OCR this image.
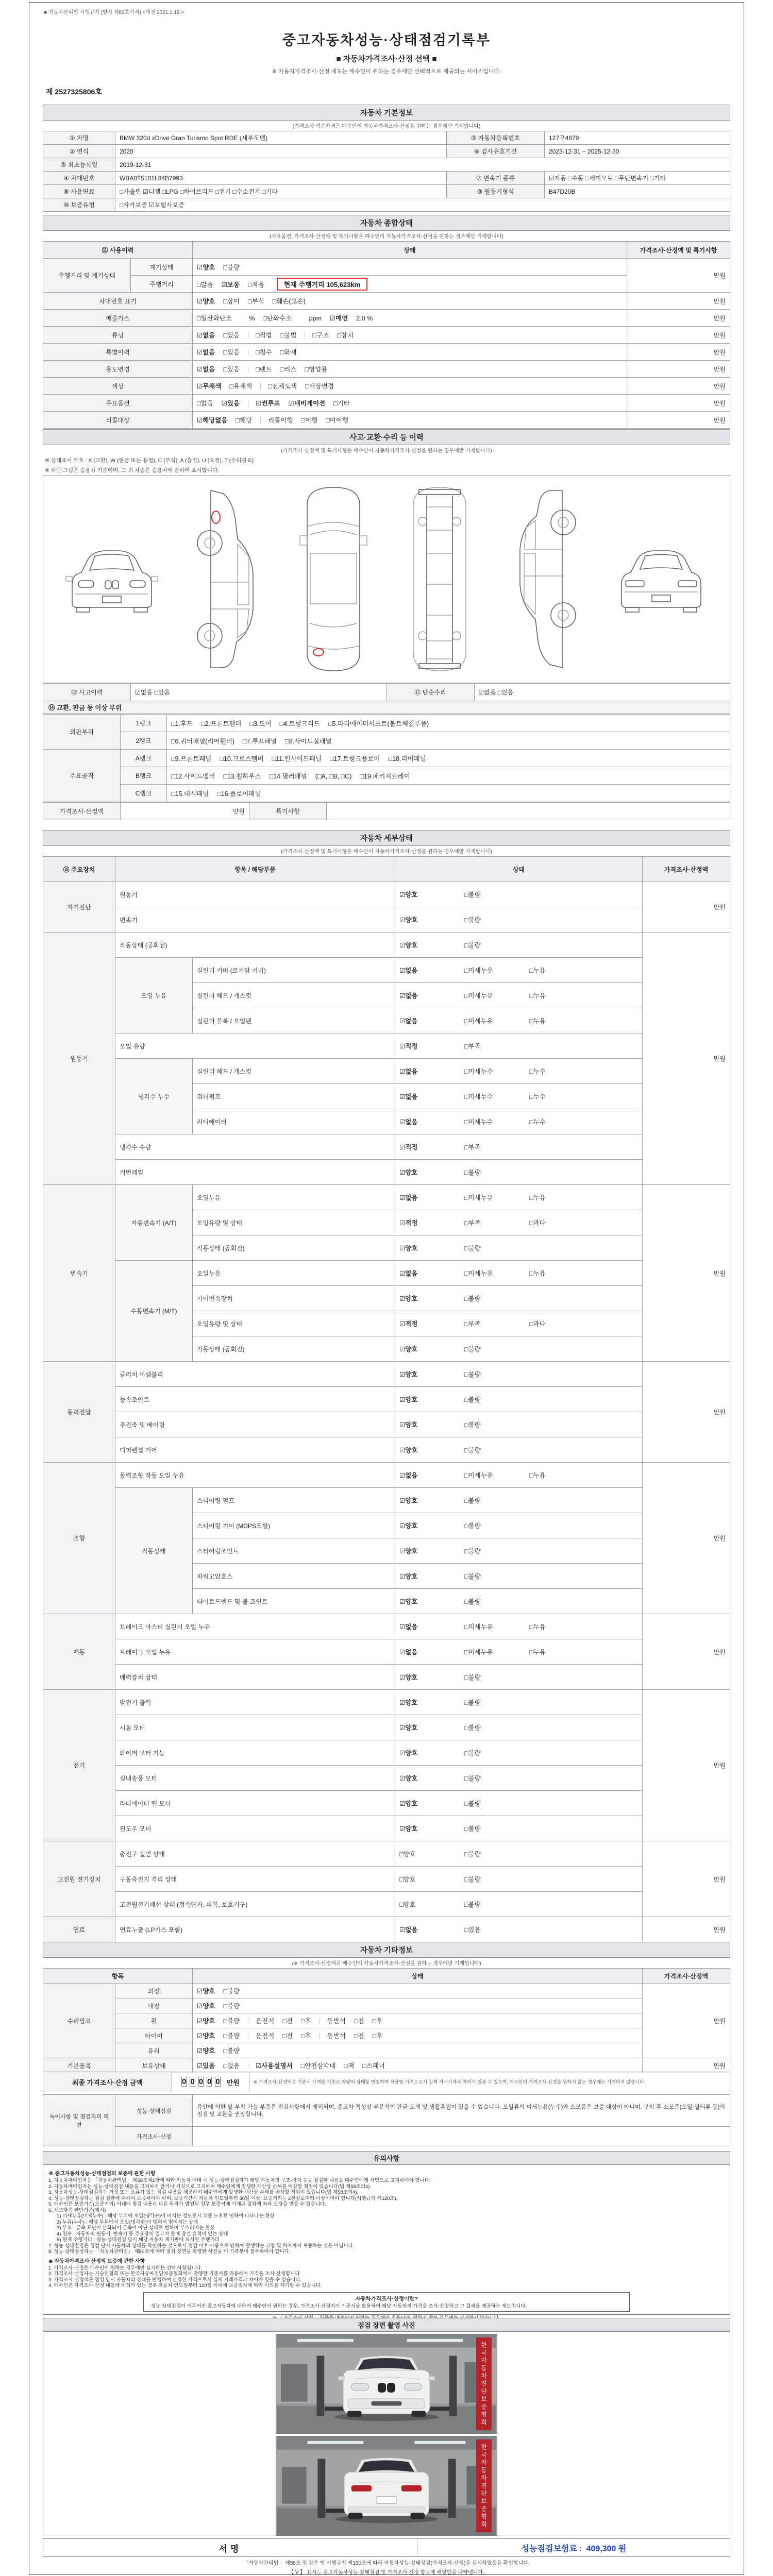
■ 자동차관리법 시행규칙 [별지 제82호서식] <개정 2021.1.19.>
중고자동차성능·상태점검기록부
■ 자동차가격조사·산정 선택 ■
※ 자동차가격조사·산정 제도는 매수인이 원하는 경우에만 선택적으로 제공되는 서비스입니다.
제 2527325806호
자동차 기본정보
(가격조사 기준가격은 매수인이 자동차가격조사·산정을 원하는 경우에만 기재합니다)
① 차명	BMW 320d xDrive Gran Turismo Spot RDE (세부모델)	⑤ 자동차등록번호	127구4879
② 연식	2020	⑥ 검사유효기간	2023-12-31 ~ 2025-12-30
③ 최초등록일	2019-12-31		
④ 차대번호	WBA8T5101L84B7993	⑦ 변속기 종류	☑자동 □수동 □세미오토 □무단변속기 □기타
⑧ 사용연료	□가솔린 ☑디젤 □LPG □하이브리드 □전기 □수소전기 □기타	⑨ 원동기형식	B47D20B
⑩ 보증유형	□자가보증 ☑보험사보증		
자동차 종합상태
(주요옵션, 가격조사·산정액 및 특기사항은 매수인이 자동차가격조사·산정을 원하는 경우에만 기재합니다)
⑪ 사용이력		상태	가격조사·산정액 및 특기사항
주행거리 및 계기상태	계기상태	☑양호 □불량	만원
	주행거리	□많음 ☑보통 □적음 현재 주행거리 105,623km	
차대번호 표기		☑양호 □상이 □부식 □훼손(오손)	만원
배출가스		□일산화탄소     % □탄화수소     ppm ☑매연 2.0 %	만원
튜닝		☑없음 □있음 □적법 □불법 □구조 □장치	만원
특별이력		☑없음 □있음 □침수 □화재	만원
용도변경		☑없음 □있음 □렌트 □리스 □영업용	만원
색상		☑무채색 □유채색 □전체도색 □색상변경	만원
주요옵션		□없음 ☑있음 ☑썬루프 ☑네비게이션 □기타	만원
리콜대상		☑해당없음 □해당 리콜이행 □이행 □미이행	만원
사고·교환·수리 등 이력
(가격조사·산정액 및 특기사항은 매수인이 자동차가격조사·산정을 원하는 경우에만 기재합니다)
※ 상태표시 부호 : X (교환), W (판금 또는 용접), C (부식), A (흠집), U (요철), T (수리필요)
※ 하단 그림은 승용차 기준이며, 그 외 차종은 승용차에 준하여 표시합니다.
⑫ 사고이력	☑없음 □있음	⑬ 단순수리	☑없음 □있음
⑭ 교환, 판금 등 이상 부위
외판부위	1랭크	□1.후드 □2.프론트휀더 □3.도어 □4.트렁크리드 □5.라디에이터서포트(볼트체결부품)
	2랭크	□6.쿼터패널(리어휀더) □7.루프패널 □8.사이드실패널
주요골격	A랭크	□9.프론트패널 □10.크로스멤버 □11.인사이드패널 □17.트렁크플로어 □18.리어패널
	B랭크	□12.사이드멤버 □13.휠하우스 □14.필러패널 (□A, □B, □C) □19.패키지트레이
	C랭크	□15.대시패널 □16.플로어패널
가격조사·산정액	만원	특기사항	
자동차 세부상태
(가격조사·산정액 및 특기사항은 매수인이 자동차가격조사·산정을 원하는 경우에만 기재합니다)
⑮ 주요장치	항목 / 해당부품		상태	가격조사·산정액
자기진단	원동기		☑양호 □불량	만원
	변속기		☑양호 □불량	
원동기	작동상태 (공회전)		☑양호 □불량	만원
	오일 누유	실린더 커버 (로커암 커버)	☑없음 □미세누유 □누유	
		실린더 헤드 / 개스킷	☑없음 □미세누유 □누유	
		실린더 블록 / 오일팬	☑없음 □미세누유 □누유	
	오일 유량		☑적정 □부족	
	냉각수 누수	실린더 헤드 / 개스킷	☑없음 □미세누수 □누수	
		워터펌프	☑없음 □미세누수 □누수	
		라디에이터	☑없음 □미세누수 □누수	
	냉각수 수량		☑적정 □부족	
	커먼레일		☑양호 □불량	
변속기	자동변속기 (A/T)	오일누유	☑없음 □미세누유 □누유	만원
		오일유량 및 상태	☑적정 □부족 □과다	
		작동상태 (공회전)	☑양호 □불량	
	수동변속기 (M/T)	오일누유	☑없음 □미세누유 □누유	
		기어변속장치	☑양호 □불량	
		오일유량 및 상태	☑적정 □부족 □과다	
		작동상태 (공회전)	☑양호 □불량	
동력전달	클러치 어셈블리		☑양호 □불량	만원
	등속조인트		☑양호 □불량	
	추진축 및 베어링		☑양호 □불량	
	디퍼렌셜 기어		☑양호 □불량	
조향	동력조향 작동 오일 누유		☑없음 □미세누유 □누유	만원
	작동상태	스티어링 펌프	☑양호 □불량	
		스티어링 기어 (MDPS포함)	☑양호 □불량	
		스티어링조인트	☑양호 □불량	
		파워고압호스	☑양호 □불량	
		타이로드엔드 및 볼 조인트	☑양호 □불량	
제동	브레이크 마스터 실린더 오일 누유		☑없음 □미세누유 □누유	만원
	브레이크 오일 누유		☑없음 □미세누유 □누유	
	배력장치 상태		☑양호 □불량	
전기	발전기 출력		☑양호 □불량	만원
	시동 모터		☑양호 □불량	
	와이퍼 모터 기능		☑양호 □불량	
	실내송풍 모터		☑양호 □불량	
	라디에이터 팬 모터		☑양호 □불량	
	윈도우 모터		☑양호 □불량	
고전원 전기장치	충전구 절연 상태		□양호 □불량	만원
	구동축전지 격리 상태		□양호 □불량	
	고전원전기배선 상태 (접속단자, 피복, 보호기구)		□양호 □불량	
연료	연료누출 (LP가스 포함)		☑없음 □있음	만원
자동차 기타정보
(※ 가격조사·산정액은 매수인이 자동차가격조사·산정을 원하는 경우에만 기재합니다)
항목		상태	가격조사·산정액
수리필요	외장	☑양호 □불량	만원
	내장	☑양호 □불량	
	휠	☑양호 □불량 운전석 □전 □후 동반석 □전 □후	
	타이어	☑양호 □불량 운전석 □전 □후 동반석 □전 □후	
	유리	☑양호 □불량	
기본품목	보유상태	☑있음 □없음 ☑사용설명서 □안전삼각대 □잭 □스패너	만원
최종 가격조사·산정 금액	0 0 0 0 0	만원	※ 가격조사·산정액은 기준서 가격을 기초로 차량의 상태를 반영하여 산출한 가격으로서 실제 거래가격과 차이가 있을 수 있으며, 매수인이 가격조사·산정을 원하지 않는 경우에는 기재하지 않습니다.
특이사항 및 점검자의 의견	성능·상태점검	육안에 의한 탈·부착 가능 부품은 점검사항에서 제외되며, 중고차 특성상 부분적인 판금·도색 및 생활흠집이 있을 수 있습니다. 오일류의 미세누유(누수)와 소모품은 보증 대상이 아니며, 구입 후 소모품(오일·필터류 등)의 점검 및 교환을 권장합니다.
	가격조사·산정	
유의사항
※ 중고자동차성능·상태점검의 보증에 관한 사항
1. 자동차매매업자는 「자동차관리법」 제58조제1항에 따라 자동차 매매 시 성능·상태점검자가 해당 자동차의 구조·장치 등을 점검한 내용을 매수인에게 서면으로 고지하여야 합니다.
2. 자동차매매업자는 성능·상태점검 내용을 고지하지 않거나 거짓으로 고지하여 매수인에게 발생한 재산상 손해를 배상할 책임이 있습니다(법 제58조의4).
3. 자동차성능·상태점검자는 거짓 또는 오류가 있는 점검 내용을 제공하여 매수인에게 발생한 재산상 손해를 배상할 책임이 있습니다(법 제58조의4).
4. 성능·상태점검자는 점검 결과에 대하여 보증하여야 하며, 보증기간은 자동차 인도일부터 30일 이상, 보증거리는 2천킬로미터 이상이어야 합니다(시행규칙 제120조).
5. 매수인은 보증기간(보증거리) 이내에 점검 내용과 다른 하자가 발견된 경우 보증서에 기재된 절차에 따라 보상을 받을 수 있습니다.
6. 체크항목 판단기준(예시)
1) 미세누유(미세누수) : 해당 부위에 오일(냉각수)이 비치는 정도로서 부품 노후로 인하여 나타나는 현상
2) 누유(누수) : 해당 부위에서 오일(냉각수)이 맺혀서 떨어지는 상태
3) 부식 : 금속 표면이 산화되어 금속이 아닌 상태로 변하여 부스러지는 현상
4) 침수 : 자동차의 원동기, 변속기 등 주요장치 일부가 물에 잠긴 흔적이 있는 상태
5) 현재 주행거리 : 성능·상태점검 당시 해당 자동차 계기판에 표시된 주행거리
7. 성능·상태점검은 점검 당시 자동차의 상태를 확인하는 것으로서 점검 이후 사용으로 인하여 발생하는 고장 및 하자까지 보증하는 것은 아닙니다.
8. 성능·상태점검자는 「자동차관리법」 제80조에 따라 점검 장면을 촬영한 사진을 이 기록부에 첨부하여야 합니다.
◉ 자동차가격조사·산정의 보증에 관한 사항
1. 가격조사·산정은 매수인이 원하는 경우에만 실시하는 선택 사항입니다.
2. 가격조사·산정자는 기술인협회 또는 한국자동차진단보증협회에서 발행한 기준서를 적용하여 가격을 조사·산정합니다.
3. 가격조사·산정액은 점검 당시 자동차의 상태를 반영하여 산정한 가격으로서 실제 거래가격과 차이가 있을 수 있습니다.
4. 매수인은 가격조사·산정 내용에 이의가 있는 경우 자동차 인도일부터 120일 이내에 보증절차에 따라 이의를 제기할 수 있습니다.
자동차가격조사·산정이란?
성능·상태점검이 이루어진 중고자동차에 대하여 매수인이 원하는 경우, 가격조사·산정자가 기준서를 활용하여 해당 자동차의 가격을 조사·산정하고 그 결과를 제공하는 제도입니다.
점검 장면 촬영 사진
한국자동차진단보증협회
한국자동차진단보증협회
서명	성능점검보험료 : 409,300 원
「자동차관리법」 제58조 및 같은 법 시행규칙 제120조에 따라 자동차성능·상태점검(가격조사·산정)을 실시하였음을 확인합니다.
【 V 】 표시는 중고자동차성능·상태점검 및 가격조사·산정 항목에 해당함을 나타냅니다.
